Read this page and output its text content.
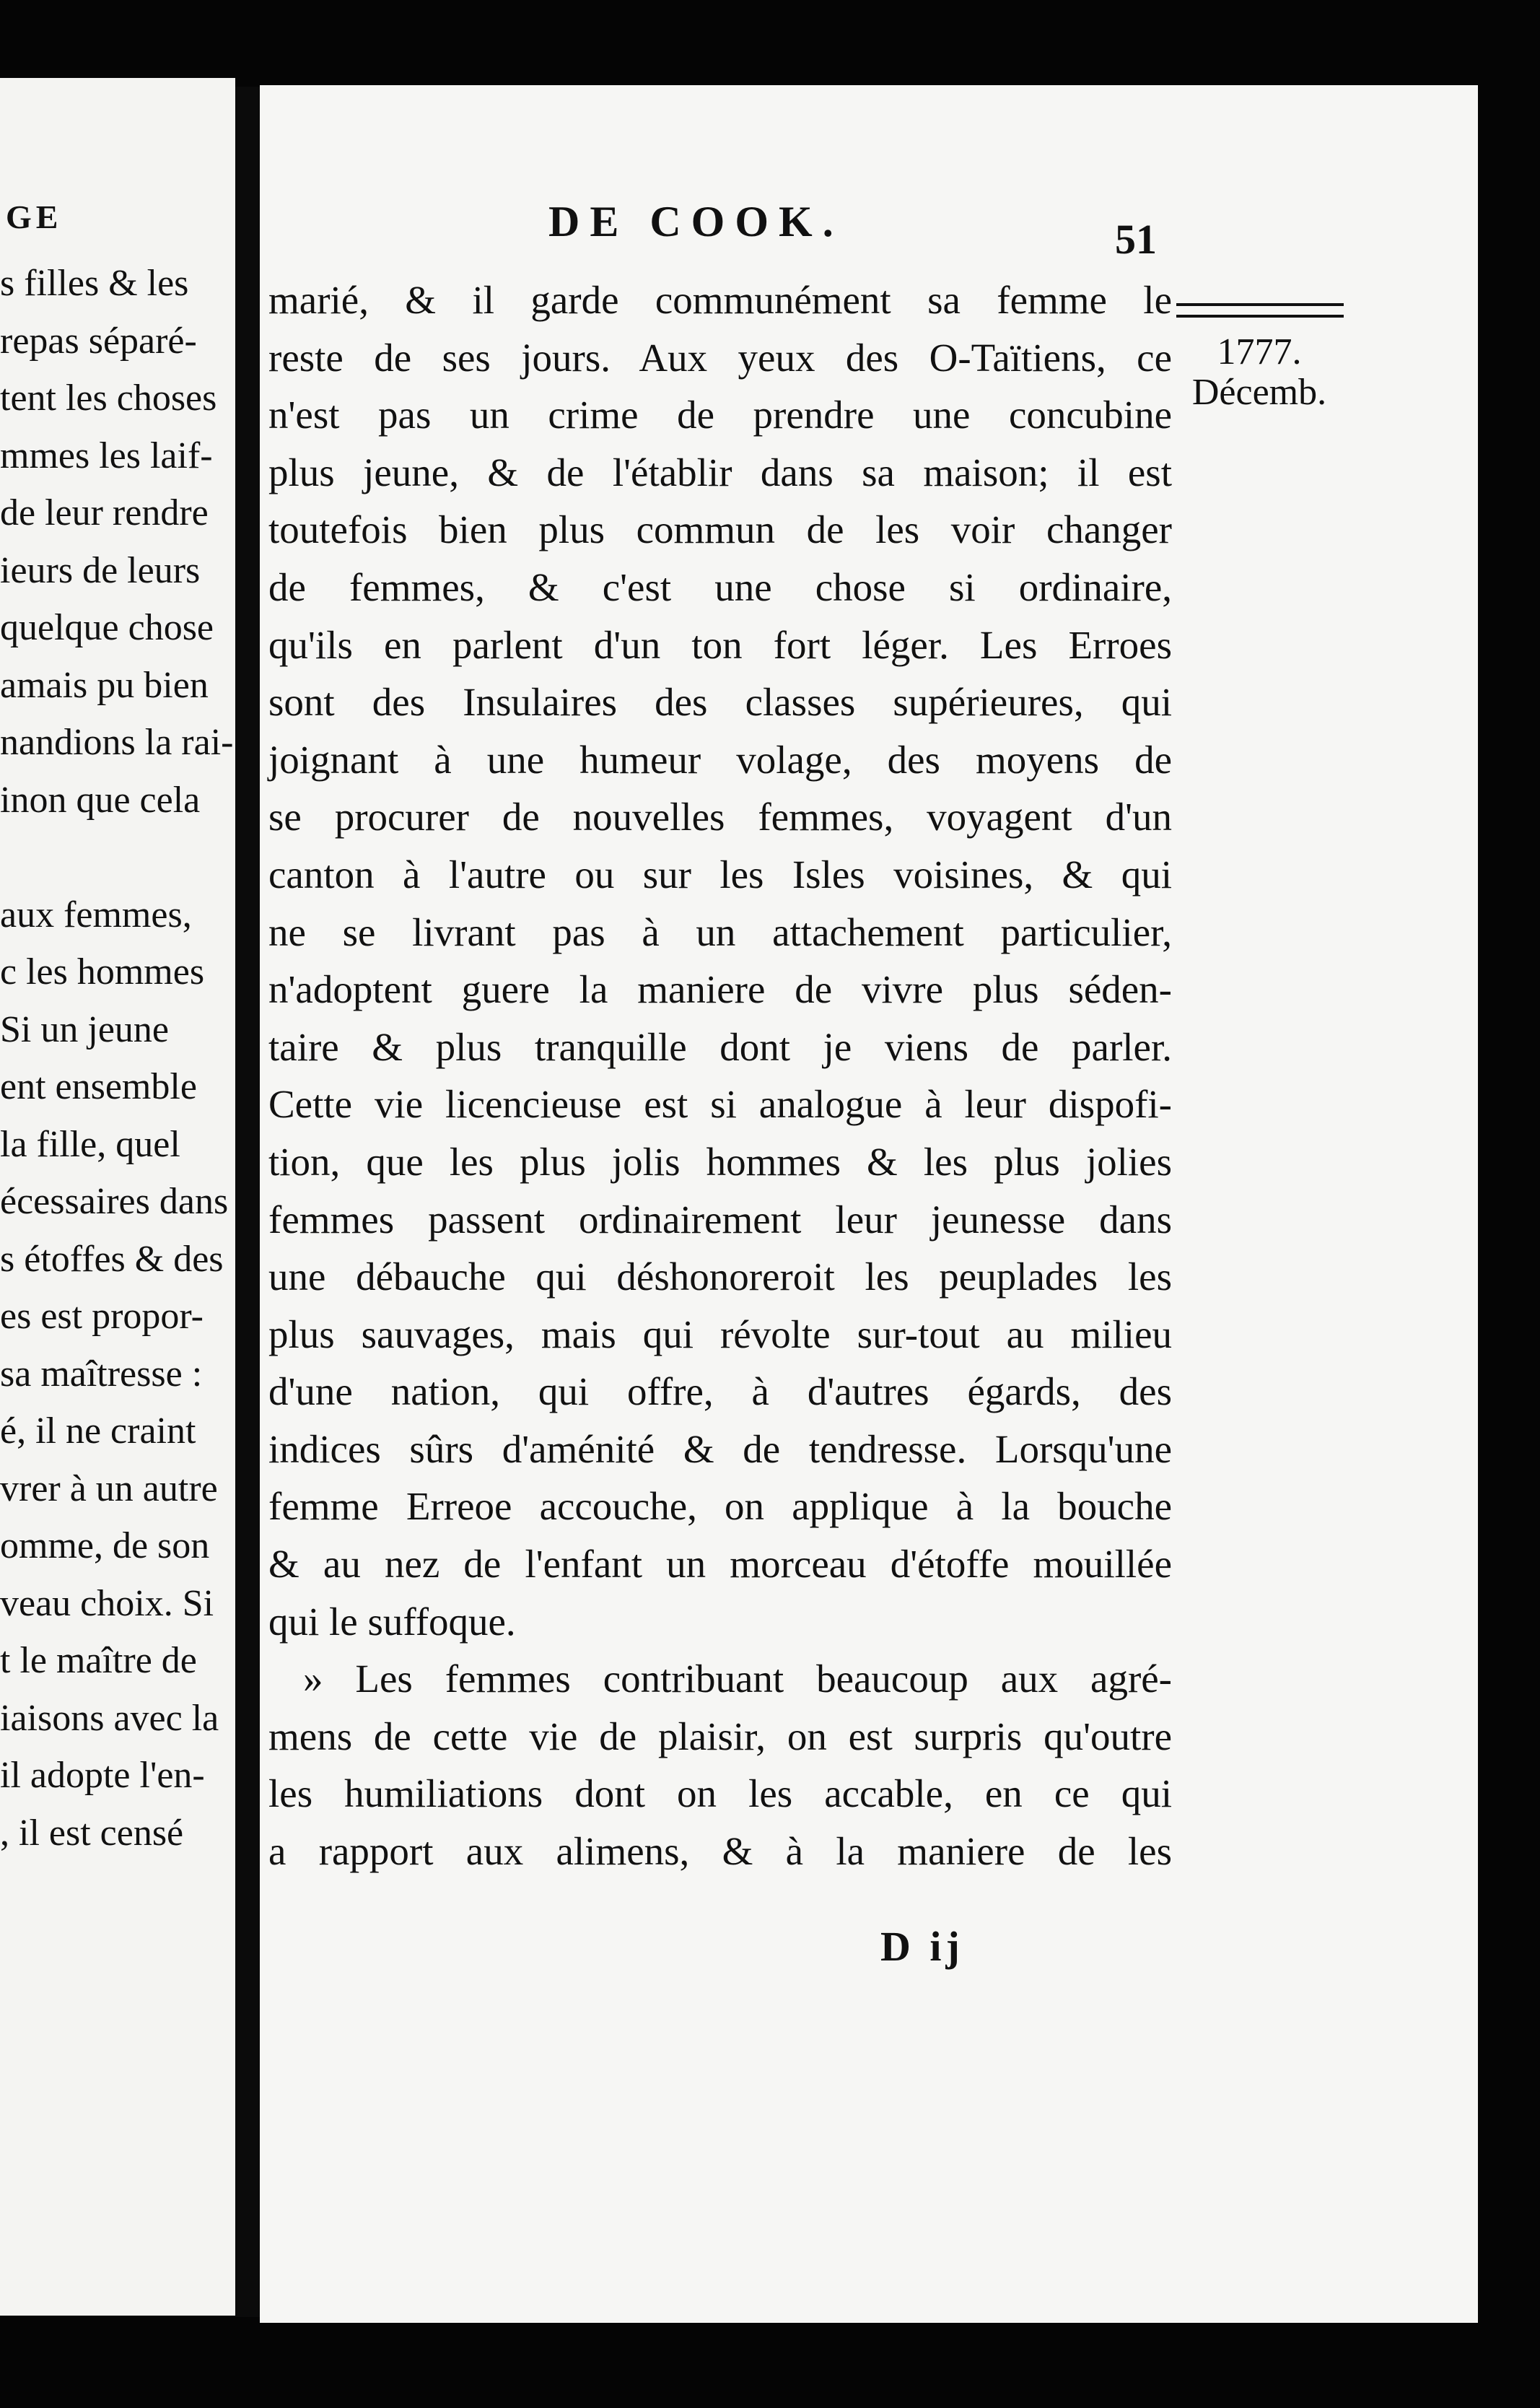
GE
s filles & les
repas séparé-
tent les choses
mmes les laif-
de leur rendre
ieurs de leurs
quelque chose
amais pu bien
nandions la rai-
inon que cela
aux femmes,
c les hommes
Si un jeune
ent ensemble
la fille, quel
écessaires dans
s étoffes & des
es est propor-
sa maîtresse :
é, il ne craint
vrer à un autre
omme, de son
veau choix. Si
t le maître de
iaisons avec la
il adopte l'en-
, il est censé
DE COOK.	51
1777.
Décemb.
marié, & il garde communément sa femme le
reste de ses jours. Aux yeux des O-Taïtiens, ce
n'est pas un crime de prendre une concubine
plus jeune, & de l'établir dans sa maison; il est
toutefois bien plus commun de les voir changer
de femmes, & c'est une chose si ordinaire,
qu'ils en parlent d'un ton fort léger. Les Erroes
sont des Insulaires des classes supérieures, qui
joignant à une humeur volage, des moyens de
se procurer de nouvelles femmes, voyagent d'un
canton à l'autre ou sur les Isles voisines, & qui
ne se livrant pas à un attachement particulier,
n'adoptent guere la maniere de vivre plus séden-
taire & plus tranquille dont je viens de parler.
Cette vie licencieuse est si analogue à leur dispofi-
tion, que les plus jolis hommes & les plus jolies
femmes passent ordinairement leur jeunesse dans
une débauche qui déshonoreroit les peuplades les
plus sauvages, mais qui révolte sur-tout au milieu
d'une nation, qui offre, à d'autres égards, des
indices sûrs d'aménité & de tendresse. Lorsqu'une
femme Erreoe accouche, on applique à la bouche
& au nez de l'enfant un morceau d'étoffe mouillée
qui le suffoque.
» Les femmes contribuant beaucoup aux agré-
mens de cette vie de plaisir, on est surpris qu'outre
les humiliations dont on les accable, en ce qui
a rapport aux alimens, & à la maniere de les
D ij
